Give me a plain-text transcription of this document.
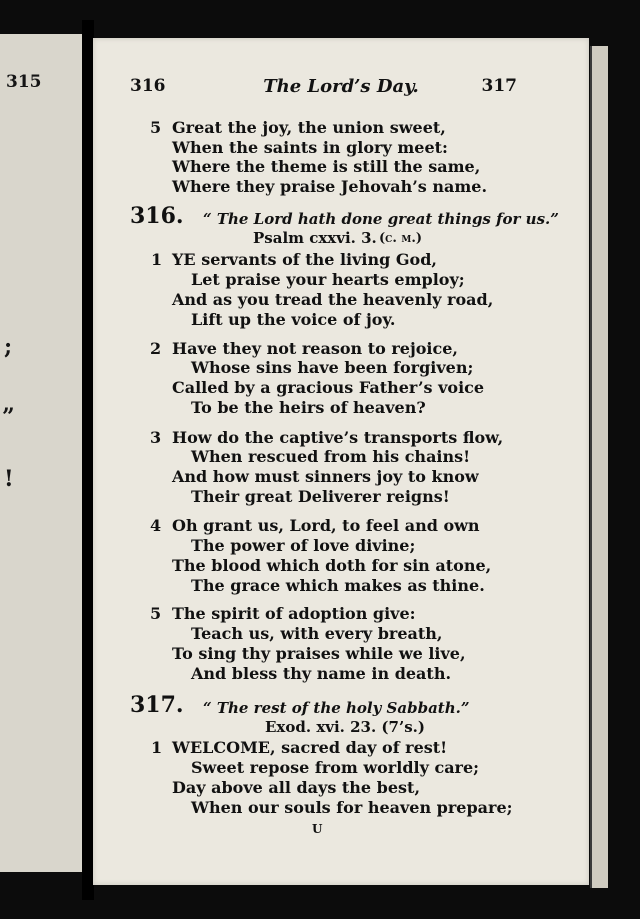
315
;
”
!
316	The Lord’s Day.	317
5 Great the joy, the union sweet,
When the saints in glory meet:
Where the theme is still the same,
Where they praise Jehovah’s name.
316. “ The Lord hath done great things for us.”
Psalm cxxvi. 3. (c. m.)
1 YE servants of the living God,
Let praise your hearts employ;
And as you tread the heavenly road,
Lift up the voice of joy.
2 Have they not reason to rejoice,
Whose sins have been forgiven;
Called by a gracious Father’s voice
To be the heirs of heaven?
3 How do the captive’s transports flow,
When rescued from his chains!
And how must sinners joy to know
Their great Deliverer reigns!
4 Oh grant us, Lord, to feel and own
The power of love divine;
The blood which doth for sin atone,
The grace which makes as thine.
5 The spirit of adoption give:
Teach us, with every breath,
To sing thy praises while we live,
And bless thy name in death.
317. “ The rest of the holy Sabbath.”
Exod. xvi. 23. (7’s.)
1 WELCOME, sacred day of rest!
Sweet repose from worldly care;
Day above all days the best,
When our souls for heaven prepare;
U
